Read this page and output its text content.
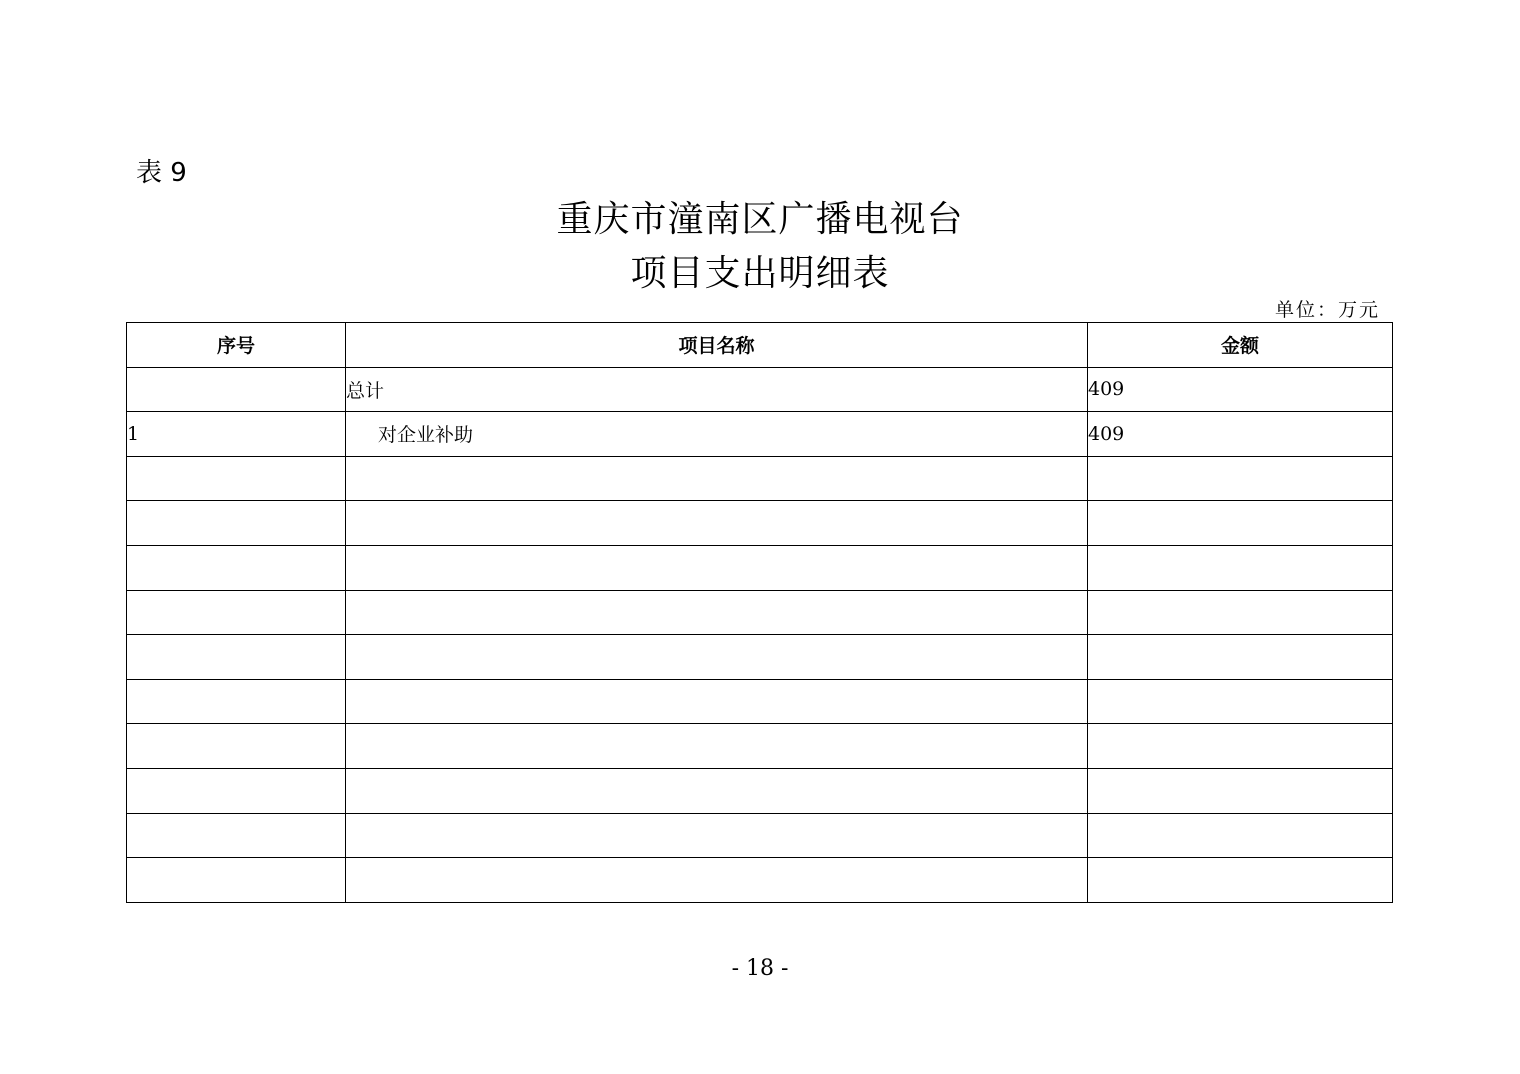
表 9
重庆市潼南区广播电视台
项目支出明细表
单位：万元
序号	项目名称	金额
	总计	409
1	对企业补助	409

- 18 -
